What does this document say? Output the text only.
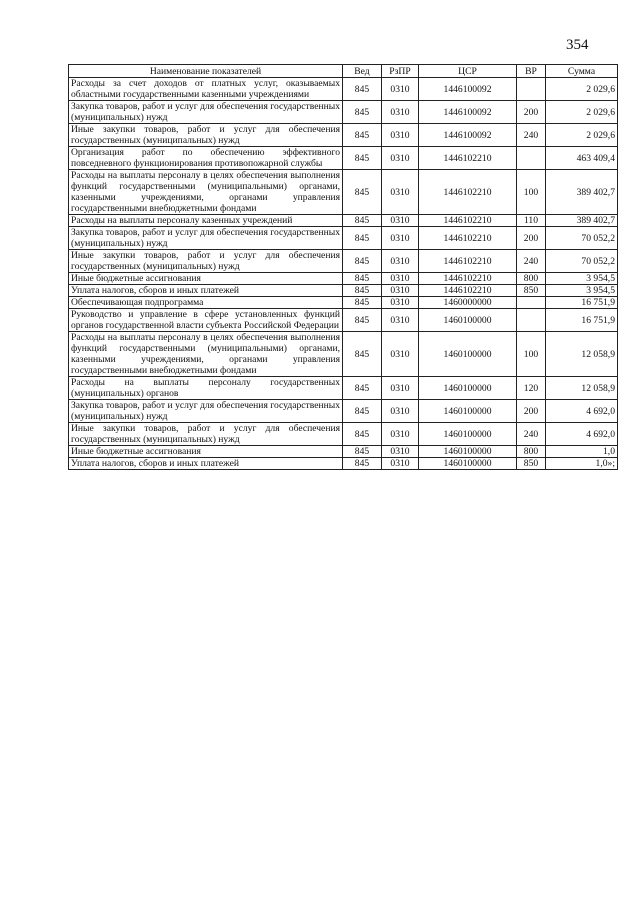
354
Наименование показателей	Вед	РзПР	ЦСР	ВР	Сумма
Расходы за счет доходов от платных услуг, оказываемых областными государственными казенными учреждениями	845	0310	1446100092		2 029,6
Закупка товаров, работ и услуг для обеспечения государственных (муниципальных) нужд	845	0310	1446100092	200	2 029,6
Иные закупки товаров, работ и услуг для обеспечения государственных (муниципальных) нужд	845	0310	1446100092	240	2 029,6
Организация работ по обеспечению эффективного повседневного функционирования противопожарной службы	845	0310	1446102210		463 409,4
Расходы на выплаты персоналу в целях обеспечения выполнения функций государственными (муниципальными) органами, казенными учреждениями, органами управления государственными внебюджетными фондами	845	0310	1446102210	100	389 402,7
Расходы на выплаты персоналу казенных учреждений	845	0310	1446102210	110	389 402,7
Закупка товаров, работ и услуг для обеспечения государственных (муниципальных) нужд	845	0310	1446102210	200	70 052,2
Иные закупки товаров, работ и услуг для обеспечения государственных (муниципальных) нужд	845	0310	1446102210	240	70 052,2
Иные бюджетные ассигнования	845	0310	1446102210	800	3 954,5
Уплата налогов, сборов и иных платежей	845	0310	1446102210	850	3 954,5
Обеспечивающая подпрограмма	845	0310	1460000000		16 751,9
Руководство и управление в сфере установленных функций органов государственной власти субъекта Российской Федерации	845	0310	1460100000		16 751,9
Расходы на выплаты персоналу в целях обеспечения выполнения функций государственными (муниципальными) органами, казенными учреждениями, органами управления государственными внебюджетными фондами	845	0310	1460100000	100	12 058,9
Расходы на выплаты персоналу государственных (муниципальных) органов	845	0310	1460100000	120	12 058,9
Закупка товаров, работ и услуг для обеспечения государственных (муниципальных) нужд	845	0310	1460100000	200	4 692,0
Иные закупки товаров, работ и услуг для обеспечения государственных (муниципальных) нужд	845	0310	1460100000	240	4 692,0
Иные бюджетные ассигнования	845	0310	1460100000	800	1,0
Уплата налогов, сборов и иных платежей	845	0310	1460100000	850	1,0»;
